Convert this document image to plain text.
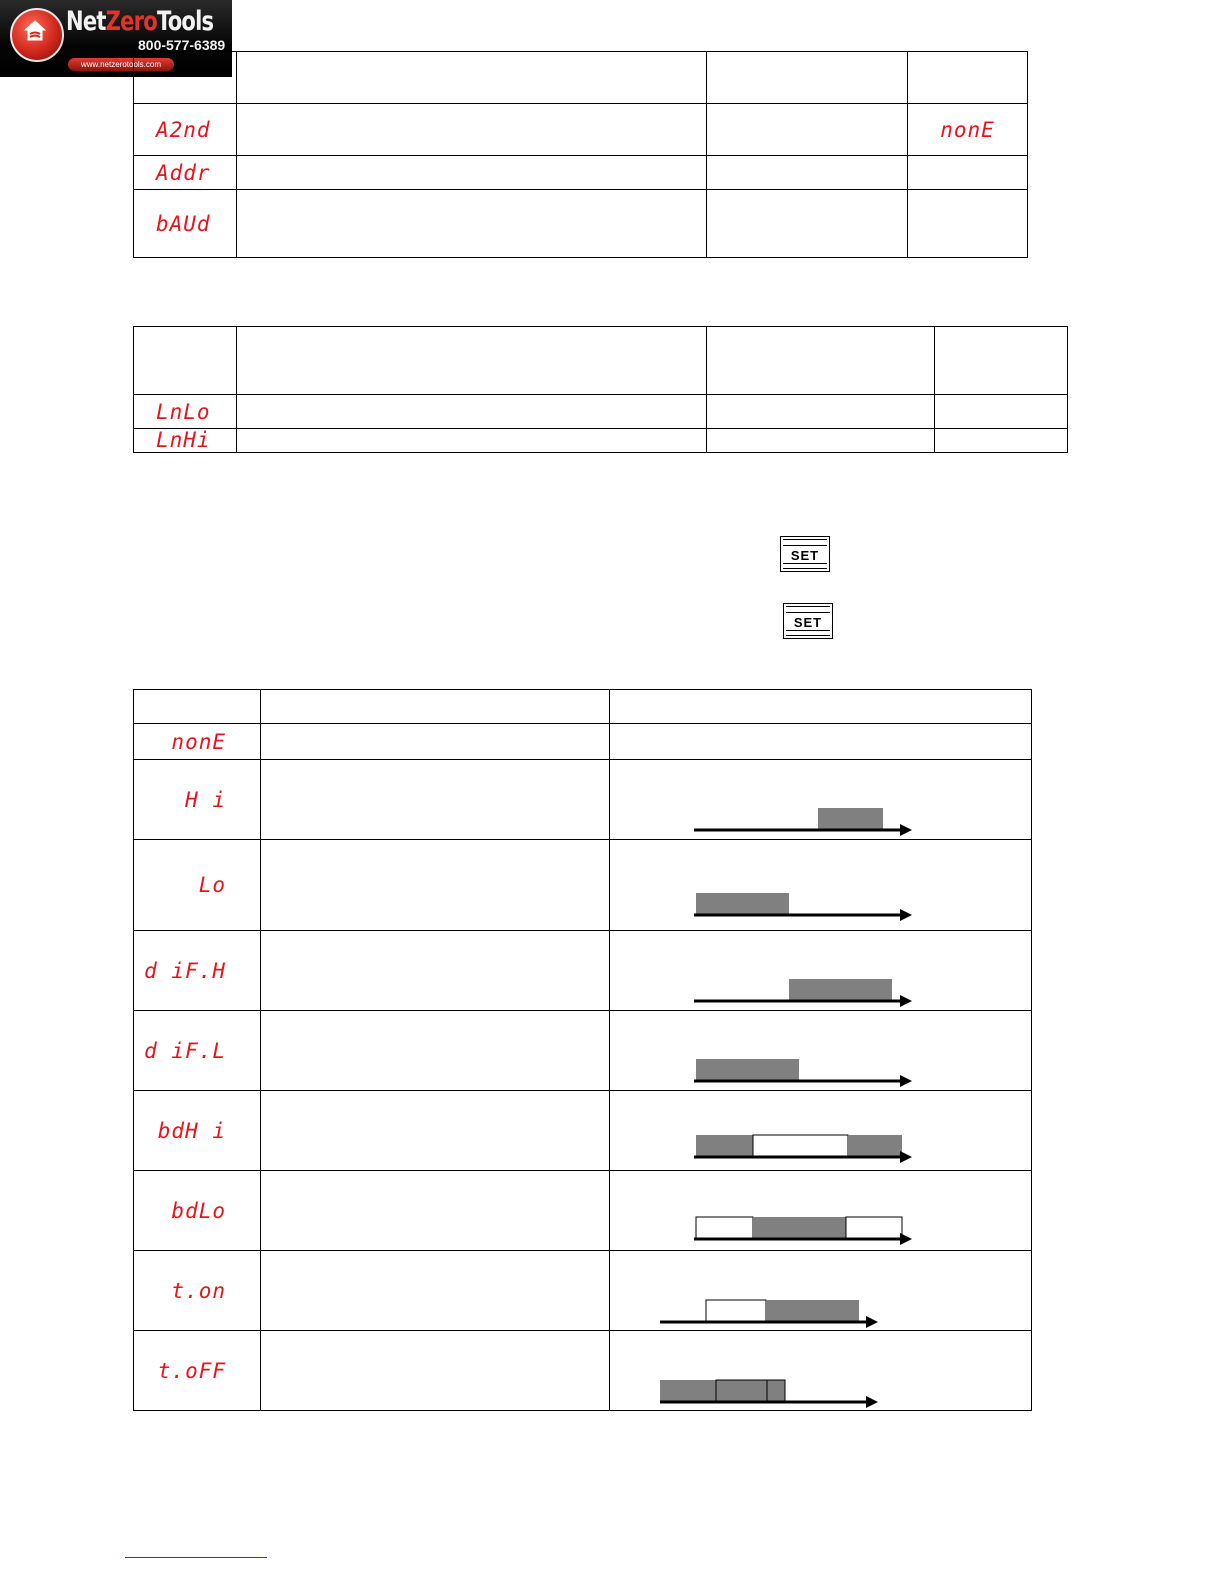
NetZeroTools
800-577-6389
www.netzerotools.com

A2nd			nonE
Addr			
bAUd			

LnLo			
LnHi			
SET
SET

nonE		
H i		

Lo		

d iF.H		

d iF.L		

bdH i		

bdLo		

t.on		

t.oFF		
